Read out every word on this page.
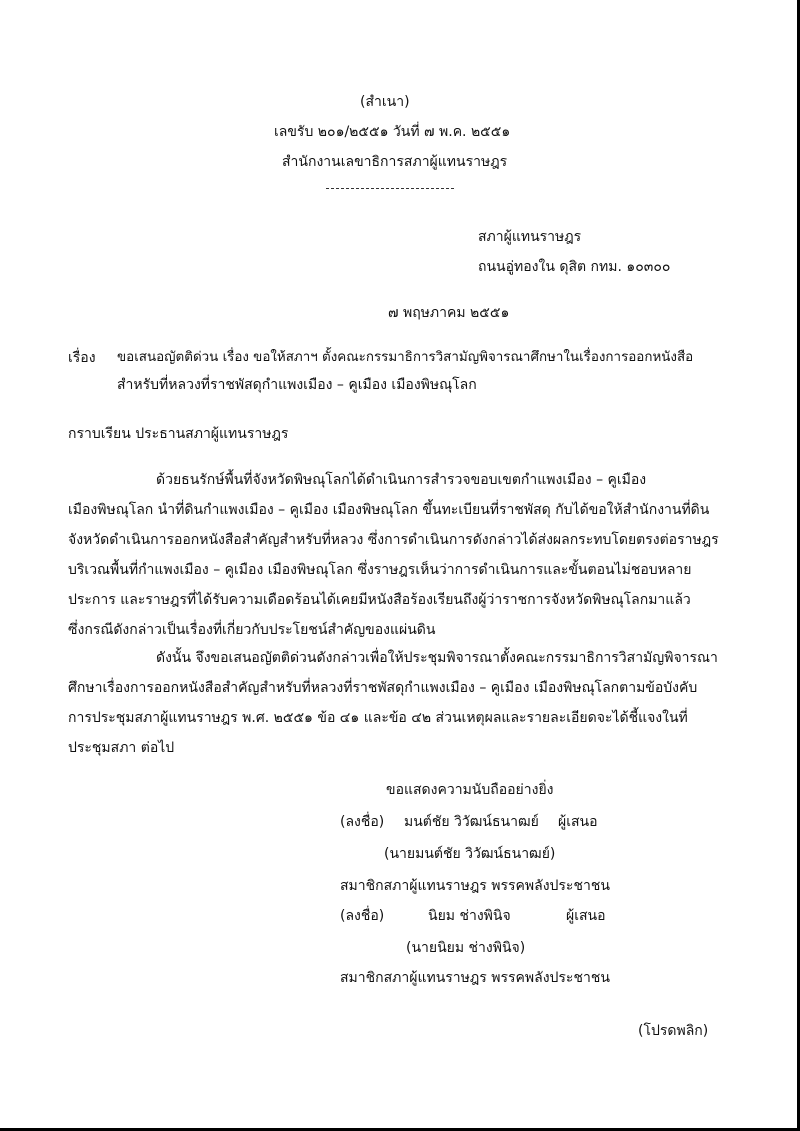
(สำเนา)
เลขรับ ๒๐๑/๒๕๕๑ วันที่ ๗ พ.ค. ๒๕๕๑
สำนักงานเลขาธิการสภาผู้แทนราษฎร
สภาผู้แทนราษฎร
ถนนอู่ทองใน ดุสิต กทม. ๑๐๓๐๐
๗ พฤษภาคม ๒๕๕๑
เรื่อง ขอเสนอญัตติด่วน เรื่อง ขอให้สภาฯ ตั้งคณะกรรมาธิการวิสามัญพิจารณาศึกษาในเรื่องการออกหนังสือ
สำหรับที่หลวงที่ราชพัสดุกำแพงเมือง – คูเมือง เมืองพิษณุโลก
กราบเรียน ประธานสภาผู้แทนราษฎร
ด้วยธนรักษ์พื้นที่จังหวัดพิษณุโลกได้ดำเนินการสำรวจขอบเขตกำแพงเมือง – คูเมือง
เมืองพิษณุโลก นำที่ดินกำแพงเมือง – คูเมือง เมืองพิษณุโลก ขึ้นทะเบียนที่ราชพัสดุ กับได้ขอให้สำนักงานที่ดิน
จังหวัดดำเนินการออกหนังสือสำคัญสำหรับที่หลวง ซึ่งการดำเนินการดังกล่าวได้ส่งผลกระทบโดยตรงต่อราษฎร
บริเวณพื้นที่กำแพงเมือง – คูเมือง เมืองพิษณุโลก ซึ่งราษฎรเห็นว่าการดำเนินการและขั้นตอนไม่ชอบหลาย
ประการ และราษฎรที่ได้รับความเดือดร้อนได้เคยมีหนังสือร้องเรียนถึงผู้ว่าราชการจังหวัดพิษณุโลกมาแล้ว
ซึ่งกรณีดังกล่าวเป็นเรื่องที่เกี่ยวกับประโยชน์สำคัญของแผ่นดิน
ดังนั้น จึงขอเสนอญัตติด่วนดังกล่าวเพื่อให้ประชุมพิจารณาตั้งคณะกรรมาธิการวิสามัญพิจารณา
ศึกษาเรื่องการออกหนังสือสำคัญสำหรับที่หลวงที่ราชพัสดุกำแพงเมือง – คูเมือง เมืองพิษณุโลกตามข้อบังคับ
การประชุมสภาผู้แทนราษฎร พ.ศ. ๒๕๕๑ ข้อ ๔๑ และข้อ ๔๒ ส่วนเหตุผลและรายละเอียดจะได้ชี้แจงในที่
ประชุมสภา ต่อไป
ขอแสดงความนับถืออย่างยิ่ง
(ลงชื่อ) มนต์ชัย วิวัฒน์ธนาฒย์ ผู้เสนอ
(นายมนต์ชัย วิวัฒน์ธนาฒย์)
สมาชิกสภาผู้แทนราษฎร พรรคพลังประชาชน
(ลงชื่อ)	นิยม ช่างพินิจ	ผู้เสนอ
(นายนิยม ช่างพินิจ)
สมาชิกสภาผู้แทนราษฎร พรรคพลังประชาชน
(โปรดพลิก)
